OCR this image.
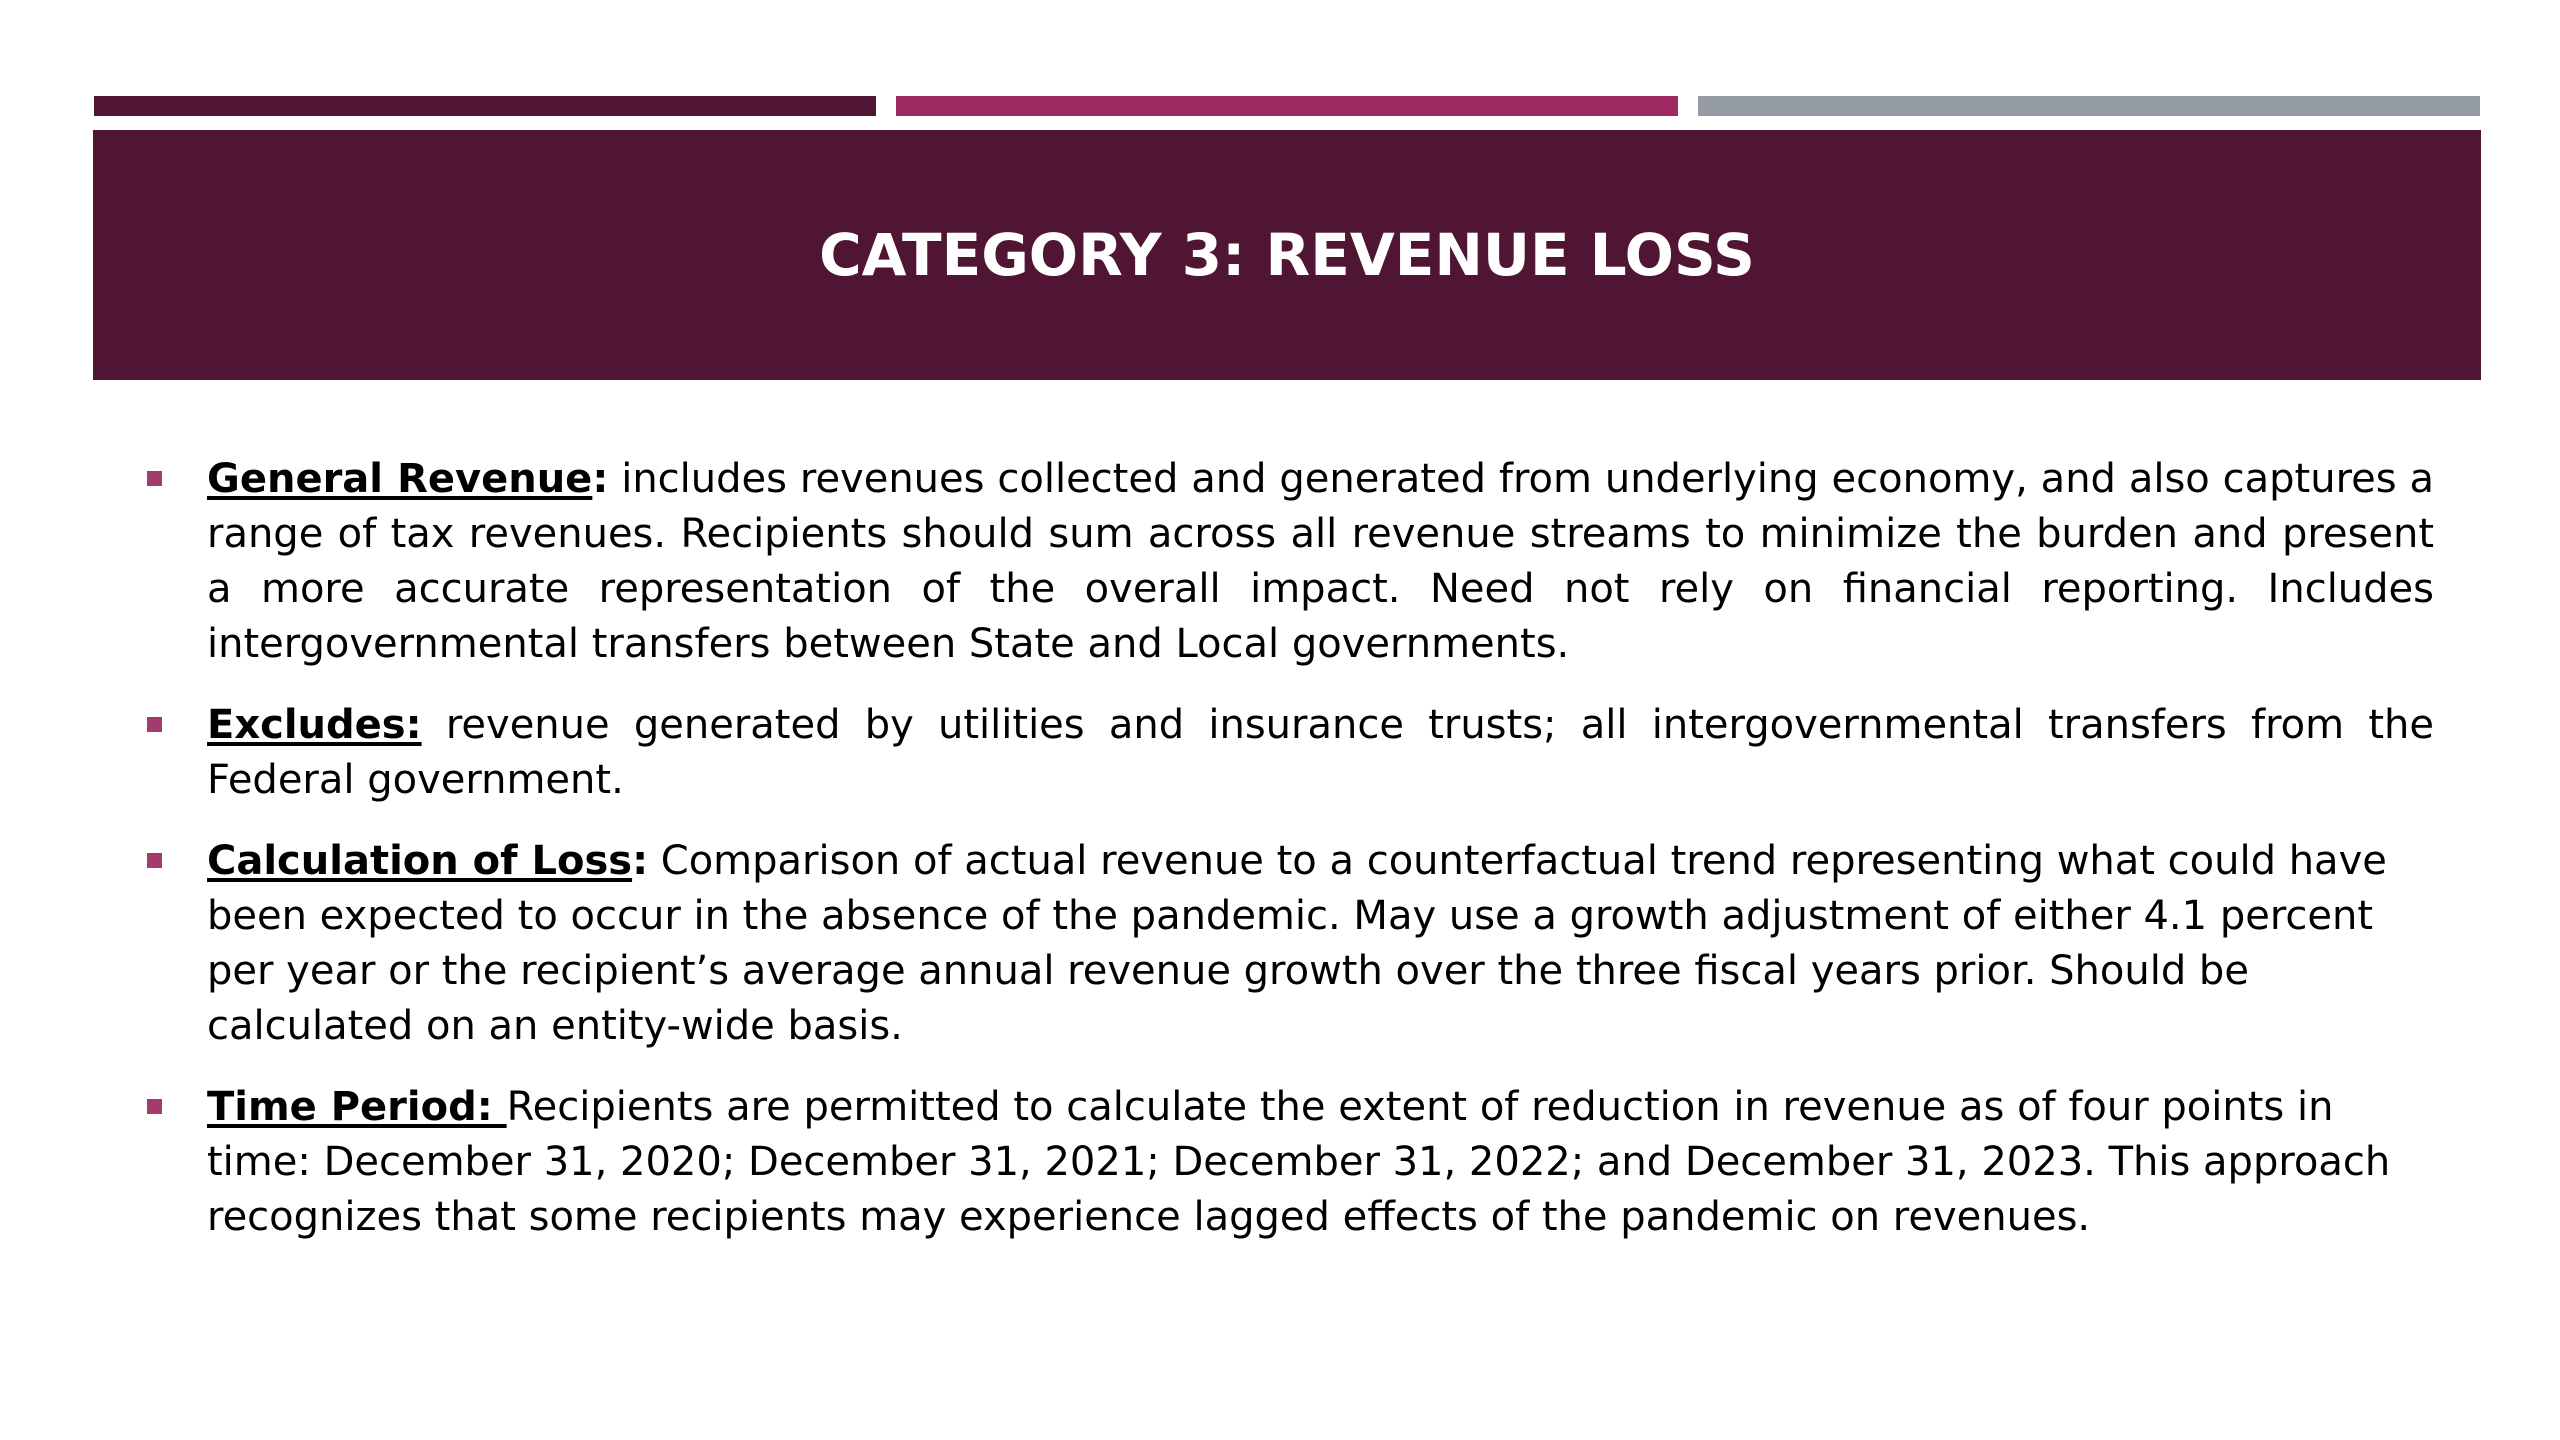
CATEGORY 3: REVENUE LOSS
General Revenue: includes revenues collected and generated from underlying economy, and also captures a range of tax revenues. Recipients should sum across all revenue streams to minimize the burden and present a more accurate representation of the overall impact. Need not rely on financial reporting. Includes intergovernmental transfers between State and Local governments.
Excludes: revenue generated by utilities and insurance trusts; all intergovernmental transfers from the Federal government.
Calculation of Loss: Comparison of actual revenue to a counterfactual trend representing what could have been expected to occur in the absence of the pandemic. May use a growth adjustment of either 4.1 percent per year or the recipient’s average annual revenue growth over the three fiscal years prior. Should be calculated on an entity-wide basis.
Time Period: Recipients are permitted to calculate the extent of reduction in revenue as of four points in time: December 31, 2020; December 31, 2021; December 31, 2022; and December 31, 2023. This approach recognizes that some recipients may experience lagged effects of the pandemic on revenues.
